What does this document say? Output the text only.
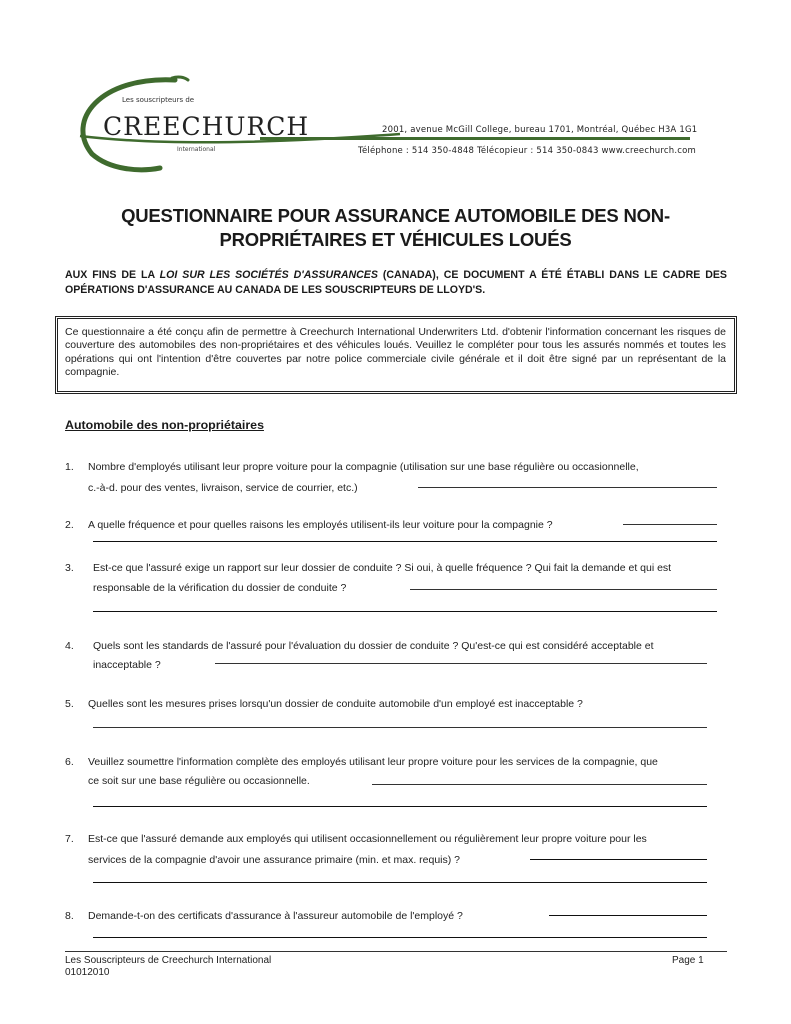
Les souscripteurs de
CREECHURCH
International
2001, avenue McGill College, bureau 1701, Montréal, Québec H3A 1G1
Téléphone : 514 350-4848 Télécopieur : 514 350-0843 www.creechurch.com
QUESTIONNAIRE POUR ASSURANCE AUTOMOBILE DES NON-
PROPRIÉTAIRES ET VÉHICULES LOUÉS
AUX FINS DE LA LOI SUR LES SOCIÉTÉS D'ASSURANCES (CANADA), CE DOCUMENT A ÉTÉ ÉTABLI DANS LE CADRE DES OPÉRATIONS D'ASSURANCE AU CANADA DE LES SOUSCRIPTEURS DE LLOYD'S.
Ce questionnaire a été conçu afin de permettre à Creechurch International Underwriters Ltd. d'obtenir l'information concernant les risques de couverture des automobiles des non-propriétaires et des véhicules loués. Veuillez le compléter pour tous les assurés nommés et toutes les opérations qui ont l'intention d'être couvertes par notre police commerciale civile générale et il doit être signé par un représentant de la compagnie.
Automobile des non-propriétaires
1. Nombre d'employés utilisant leur propre voiture pour la compagnie (utilisation sur une base régulière ou occasionnelle,
c.-à-d. pour des ventes, livraison, service de courrier, etc.)
2. A quelle fréquence et pour quelles raisons les employés utilisent-ils leur voiture pour la compagnie ?
3. Est-ce que l'assuré exige un rapport sur leur dossier de conduite ? Si oui, à quelle fréquence ? Qui fait la demande et qui est
responsable de la vérification du dossier de conduite ?
4. Quels sont les standards de l'assuré pour l'évaluation du dossier de conduite ? Qu'est-ce qui est considéré acceptable et
inacceptable ?
5. Quelles sont les mesures prises lorsqu'un dossier de conduite automobile d'un employé est inacceptable ?
6. Veuillez soumettre l'information complète des employés utilisant leur propre voiture pour les services de la compagnie, que
ce soit sur une base régulière ou occasionnelle.
7. Est-ce que l'assuré demande aux employés qui utilisent occasionnellement ou régulièrement leur propre voiture pour les
services de la compagnie d'avoir une assurance primaire (min. et max. requis) ?
8. Demande-t-on des certificats d'assurance à l'assureur automobile de l'employé ?
Les Souscripteurs de Creechurch International
01012010
Page 1
